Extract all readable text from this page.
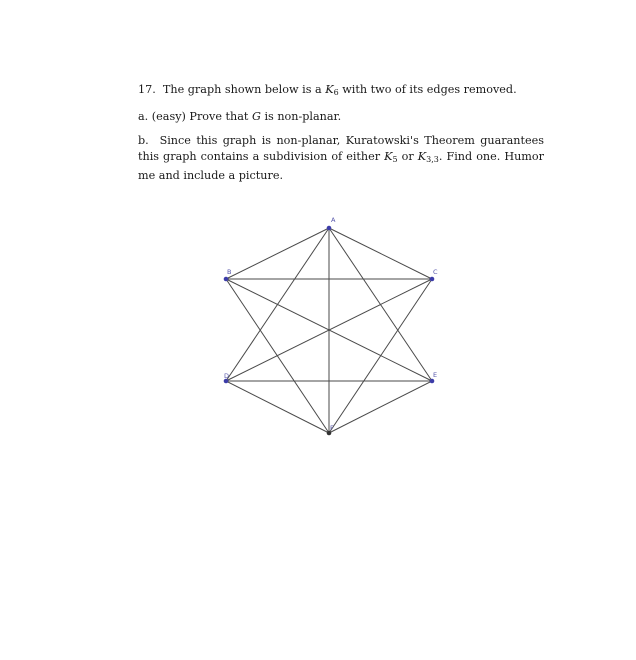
17. The graph shown below is a $K_6$ with two of its edges removed.

a. (easy) Prove that G is non-planar.

b. Since this graph is non-planar, Kuratowski's Theorem guarantees this graph contains a subdivision of either $K_5$ or $K_{3,3}$. Find one. Humor me and include a picture.

A
B	C
D	E
F
